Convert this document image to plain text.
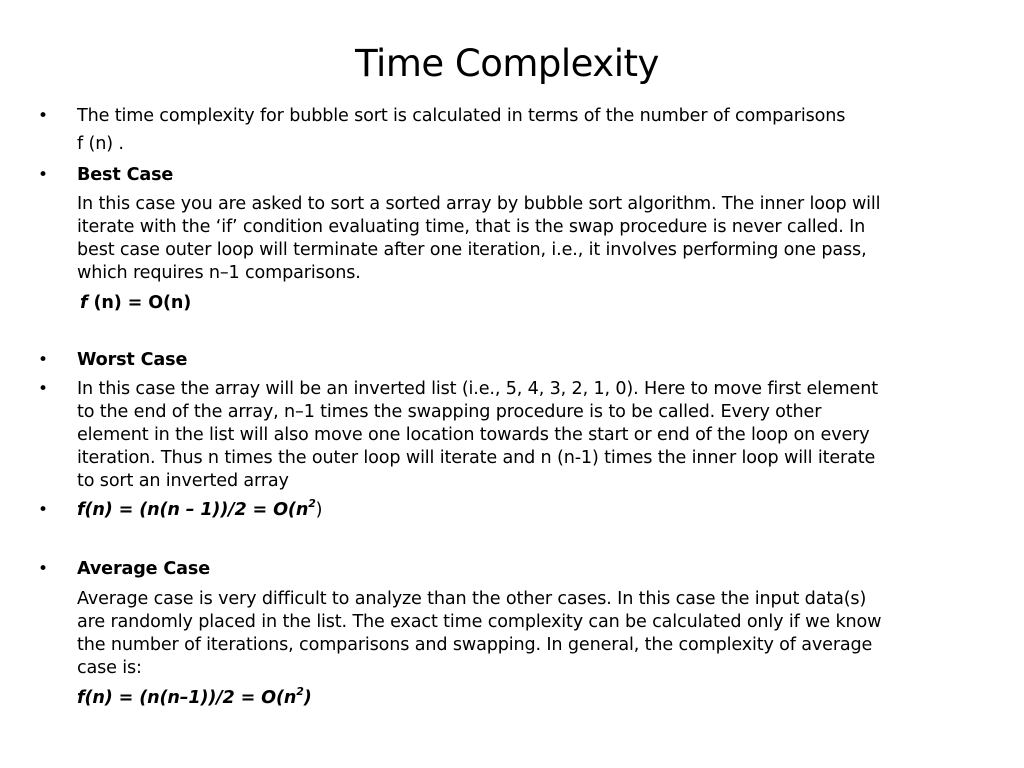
Time Complexity
• The time complexity for bubble sort is calculated in terms of the number of comparisons
f (n) .
• Best Case
In this case you are asked to sort a sorted array by bubble sort algorithm. The inner loop will
iterate with the ‘if’ condition evaluating time, that is the swap procedure is never called. In
best case outer loop will terminate after one iteration, i.e., it involves performing one pass,
which requires n–1 comparisons.
f (n) = O(n)
• Worst Case
• In this case the array will be an inverted list (i.e., 5, 4, 3, 2, 1, 0). Here to move first element
to the end of the array, n–1 times the swapping procedure is to be called. Every other
element in the list will also move one location towards the start or end of the loop on every
iteration. Thus n times the outer loop will iterate and n (n-1) times the inner loop will iterate
to sort an inverted array
• $f(n) = (n(n - 1))/2 = O(n^2)$
• Average Case
Average case is very difficult to analyze than the other cases. In this case the input data(s)
are randomly placed in the list. The exact time complexity can be calculated only if we know
the number of iterations, comparisons and swapping. In general, the complexity of average
case is:
$f(n) = (n(n-1))/2 = O(n^2)$
